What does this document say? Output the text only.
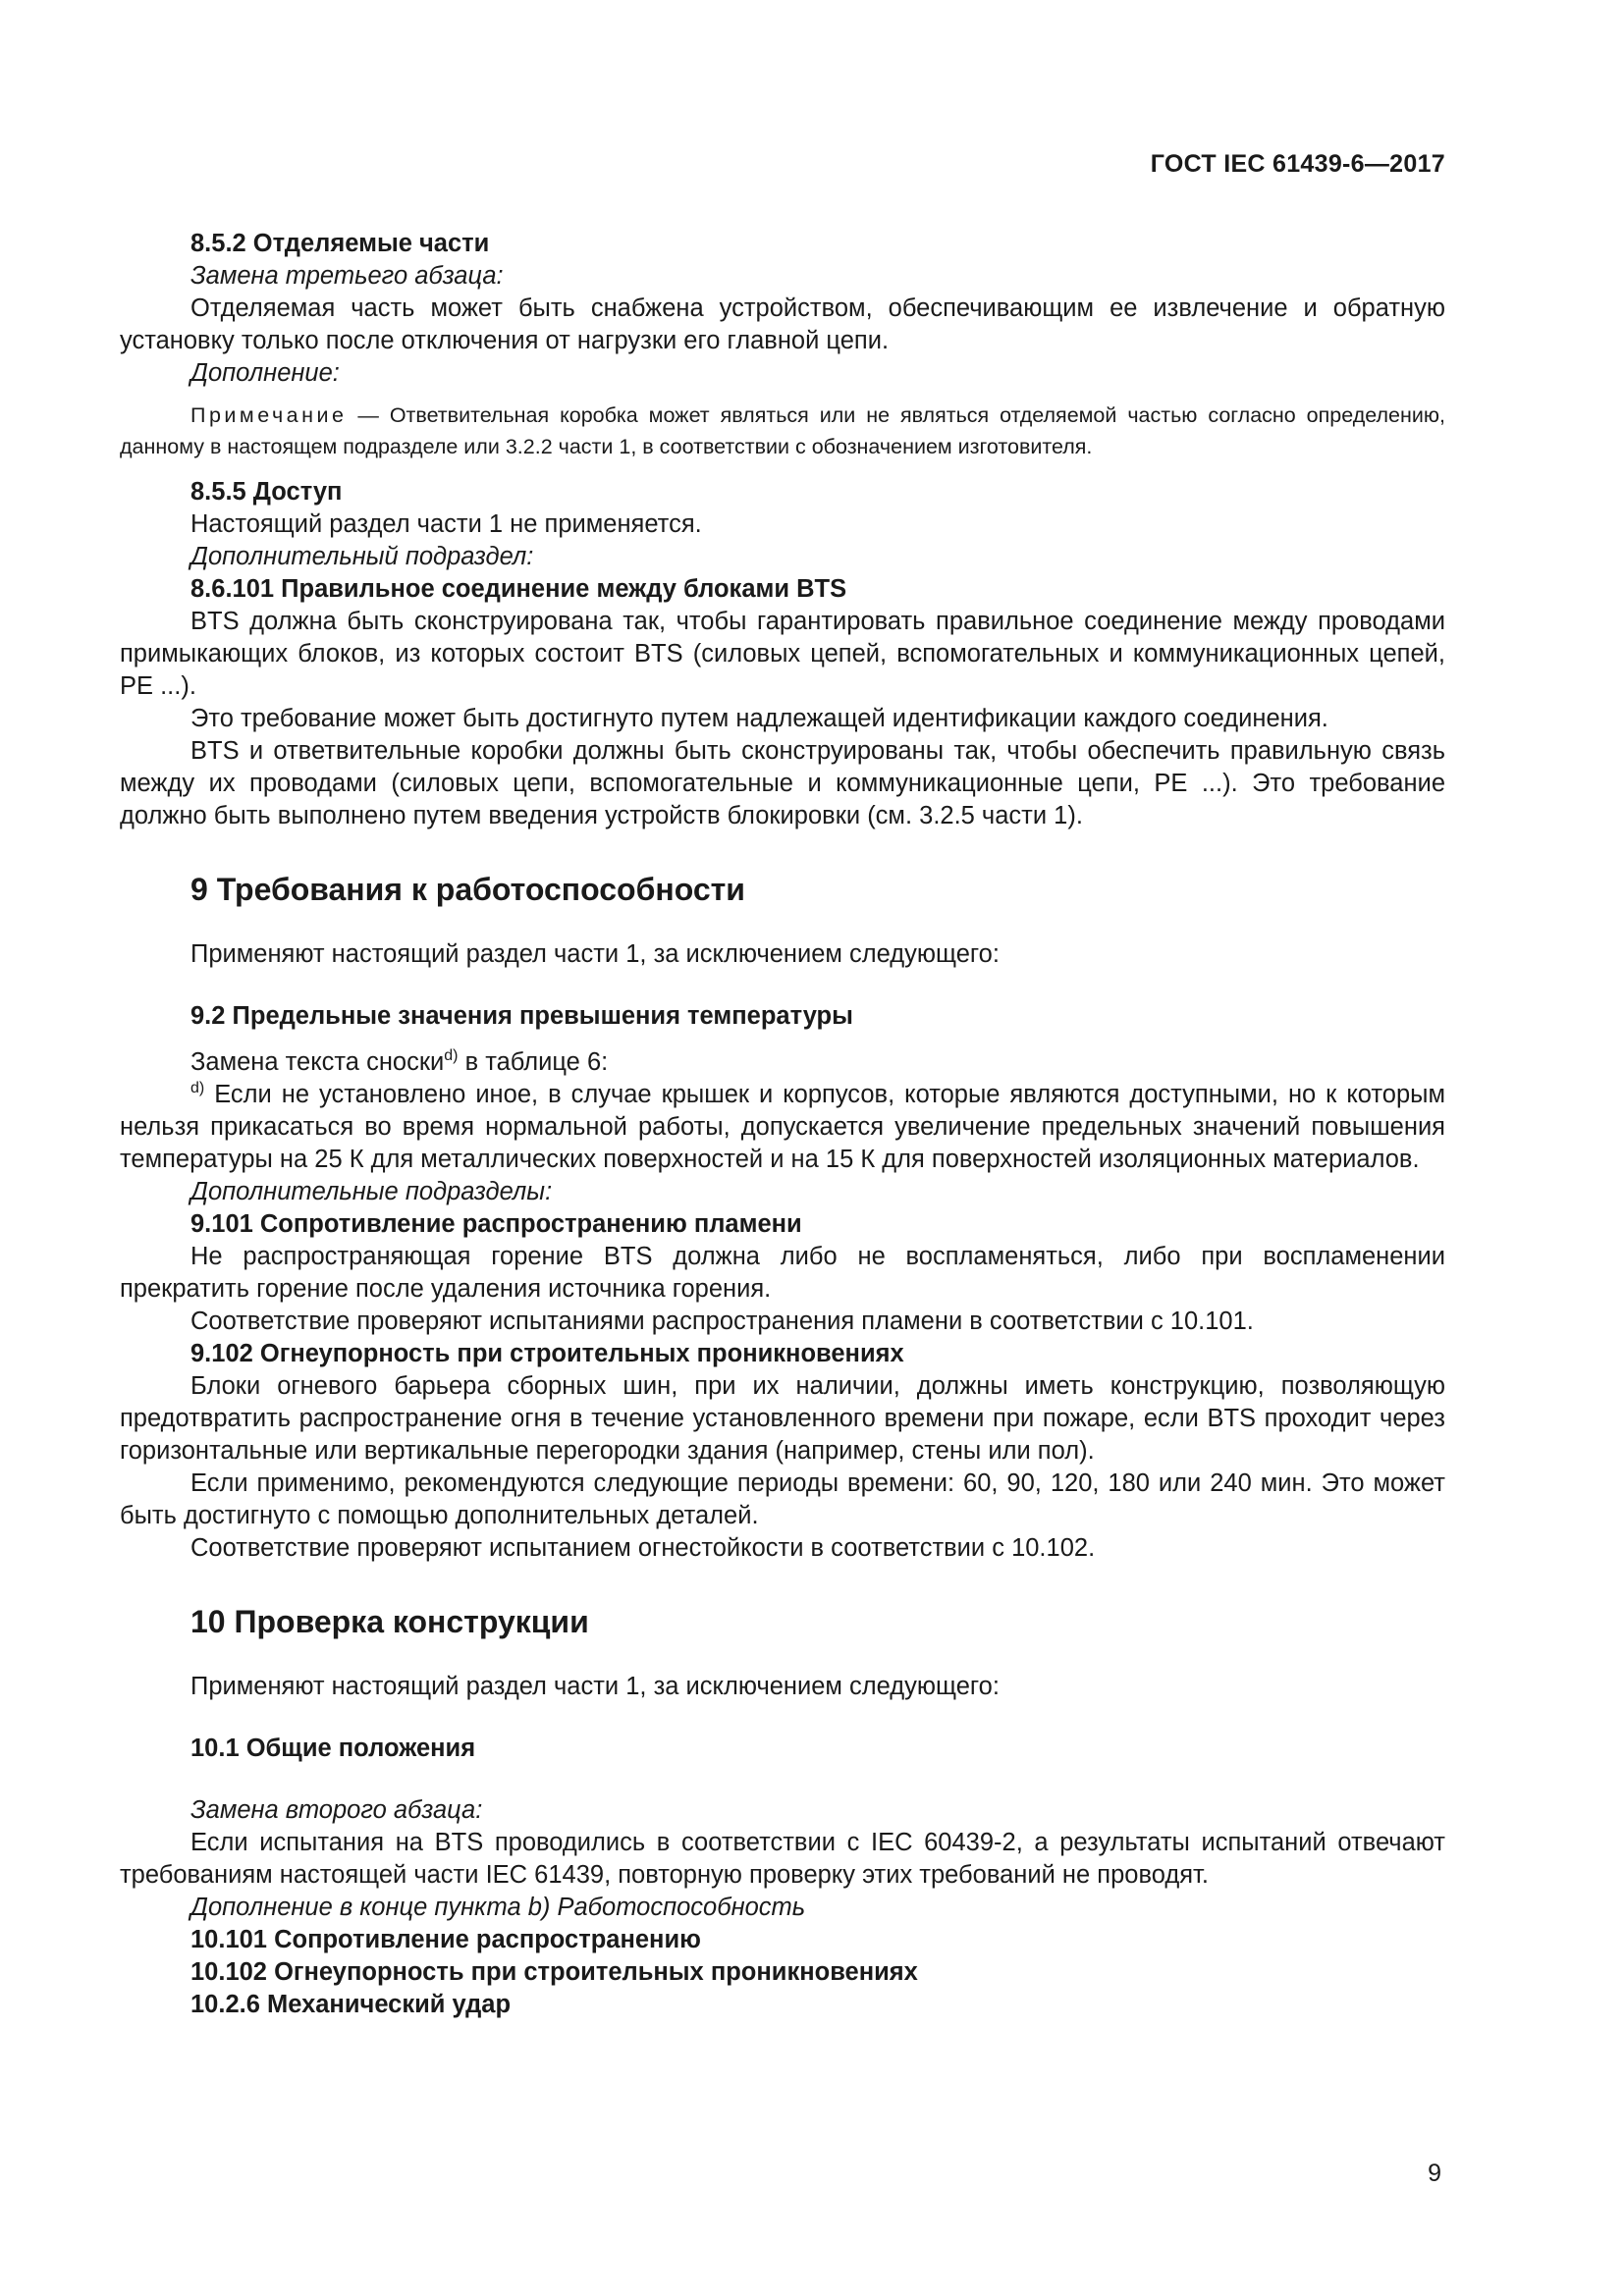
ГОСТ IEC 61439-6—2017

8.5.2 Отделяемые части

Замена третьего абзаца:

Отделяемая часть может быть снабжена устройством, обеспечивающим ее извлечение и обратную установку только после отключения от нагрузки его главной цепи.

Дополнение:

Примечание — Ответвительная коробка может являться или не являться отделяемой частью согласно определению, данному в настоящем подразделе или 3.2.2 части 1, в соответствии с обозначением изготовителя.

8.5.5 Доступ

Настоящий раздел части 1 не применяется.

Дополнительный подраздел:

8.6.101 Правильное соединение между блоками BTS

BTS должна быть сконструирована так, чтобы гарантировать правильное соединение между проводами примыкающих блоков, из которых состоит BTS (силовых цепей, вспомогательных и коммуникационных цепей, PE ...).

Это требование может быть достигнуто путем надлежащей идентификации каждого соединения.

BTS и ответвительные коробки должны быть сконструированы так, чтобы обеспечить правильную связь между их проводами (силовых цепи, вспомогательные и коммуникационные цепи, PE ...). Это требование должно быть выполнено путем введения устройств блокировки (см. 3.2.5 части 1).

9 Требования к работоспособности

Применяют настоящий раздел части 1, за исключением следующего:

9.2 Предельные значения превышения температуры

Замена текста сноски$^{d)}$ в таблице 6:

$^{d)}$ Если не установлено иное, в случае крышек и корпусов, которые являются доступными, но к которым нельзя прикасаться во время нормальной работы, допускается увеличение предельных значений повышения температуры на 25 К для металлических поверхностей и на 15 К для поверхностей изоляционных материалов.

Дополнительные подразделы:

9.101 Сопротивление распространению пламени

Не распространяющая горение BTS должна либо не воспламеняться, либо при воспламенении прекратить горение после удаления источника горения.

Соответствие проверяют испытаниями распространения пламени в соответствии с 10.101.

9.102 Огнеупорность при строительных проникновениях

Блоки огневого барьера сборных шин, при их наличии, должны иметь конструкцию, позволяющую предотвратить распространение огня в течение установленного времени при пожаре, если BTS проходит через горизонтальные или вертикальные перегородки здания (например, стены или пол).

Если применимо, рекомендуются следующие периоды времени: 60, 90, 120, 180 или 240 мин. Это может быть достигнуто с помощью дополнительных деталей.

Соответствие проверяют испытанием огнестойкости в соответствии с 10.102.

10 Проверка конструкции

Применяют настоящий раздел части 1, за исключением следующего:

10.1 Общие положения

Замена второго абзаца:

Если испытания на BTS проводились в соответствии с IEC 60439-2, а результаты испытаний отвечают требованиям настоящей части IEC 61439, повторную проверку этих требований не проводят.

Дополнение в конце пункта b) Работоспособность

10.101 Сопротивление распространению

10.102 Огнеупорность при строительных проникновениях

10.2.6 Механический удар

9
